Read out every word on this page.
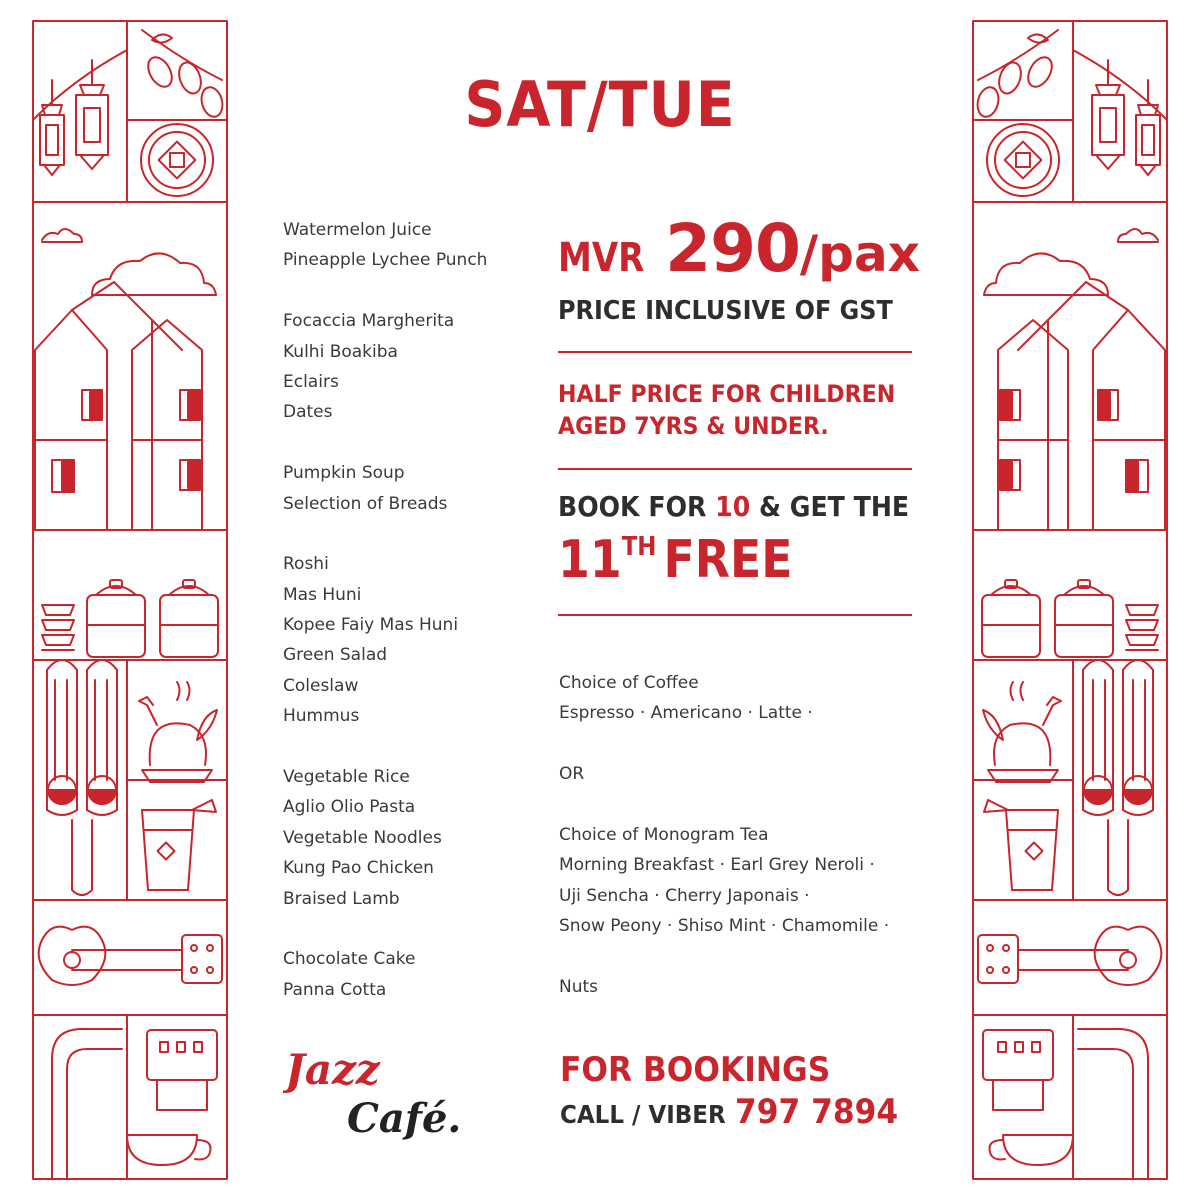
SAT/TUE
Watermelon Juice
Pineapple Lychee Punch
Focaccia Margherita
Kulhi Boakiba
Eclairs
Dates
Pumpkin Soup
Selection of Breads
Roshi
Mas Huni
Kopee Faiy Mas Huni
Green Salad
Coleslaw
Hummus
Vegetable Rice
Aglio Olio Pasta
Vegetable Noodles
Kung Pao Chicken
Braised Lamb
Chocolate Cake
Panna Cotta
MVR 290/pax
PRICE INCLUSIVE OF GST
HALF PRICE FOR CHILDREN
AGED 7YRS & UNDER.
BOOK FOR 10 & GET THE
11TH FREE
Choice of Coffee
Espresso · Americano · Latte ·
OR
Choice of Monogram Tea
Morning Breakfast · Earl Grey Neroli ·
Uji Sencha · Cherry Japonais ·
Snow Peony · Shiso Mint · Chamomile ·
Nuts
Jazz
Café.
FOR BOOKINGS
CALL / VIBER 797 7894
